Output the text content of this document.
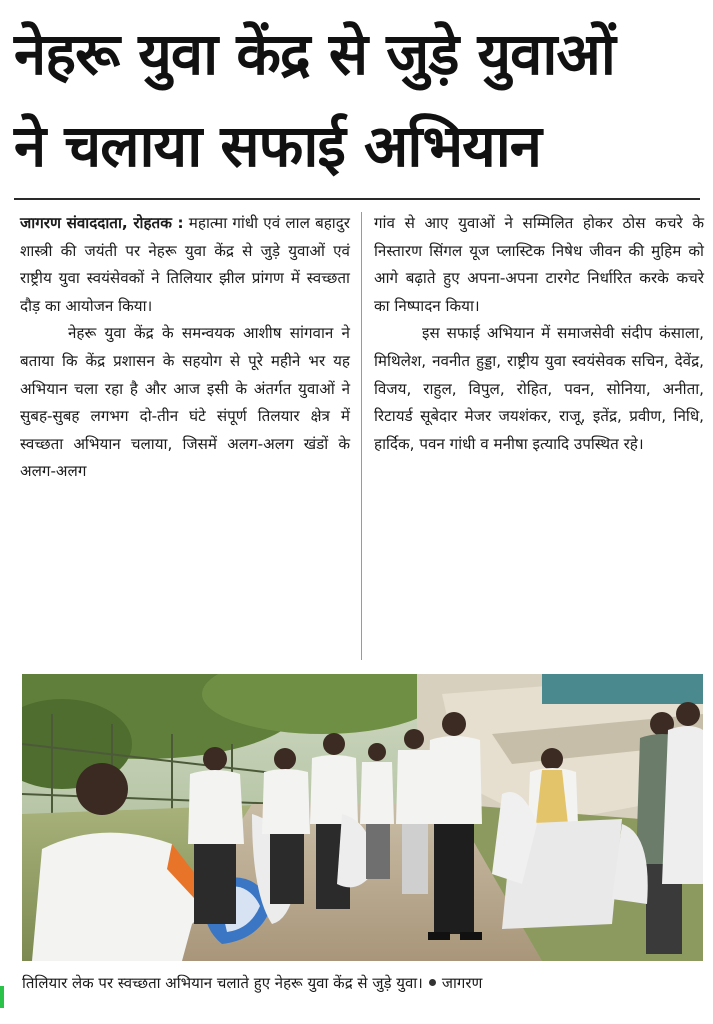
नेहरू युवा केंद्र से जुड़े युवाओं
ने चलाया सफाई अभियान

जागरण संवाददाता, रोहतक : महात्मा गांधी एवं लाल बहादुर शास्त्री की जयंती पर नेहरू युवा केंद्र से जुड़े युवाओं एवं राष्ट्रीय युवा स्वयंसेवकों ने तिलियार झील प्रांगण में स्वच्छता दौड़ का आयोजन किया।

नेहरू युवा केंद्र के समन्वयक आशीष सांगवान ने बताया कि केंद्र प्रशासन के सहयोग से पूरे महीने भर यह अभियान चला रहा है और आज इसी के अंतर्गत युवाओं ने सुबह-सुबह लगभग दो-तीन घंटे संपूर्ण तिलयार क्षेत्र में स्वच्छता अभियान चलाया, जिसमें अलग-अलग खंडों के अलग-अलग

गांव से आए युवाओं ने सम्मिलित होकर ठोस कचरे के निस्तारण सिंगल यूज प्लास्टिक निषेध जीवन की मुहिम को आगे बढ़ाते हुए अपना-अपना टारगेट निर्धारित करके कचरे का निष्पादन किया।

इस सफाई अभियान में समाजसेवी संदीप कंसाला, मिथिलेश, नवनीत हुड्डा, राष्ट्रीय युवा स्वयंसेवक सचिन, देवेंद्र, विजय, राहुल, विपुल, रोहित, पवन, सोनिया, अनीता, रिटायर्ड सूबेदार मेजर जयशंकर, राजू, इतेंद्र, प्रवीण, निधि, हार्दिक, पवन गांधी व मनीषा इत्यादि उपस्थित रहे।

तिलियार लेक पर स्वच्छता अभियान चलाते हुए नेहरू युवा केंद्र से जुड़े युवा। जागरण
